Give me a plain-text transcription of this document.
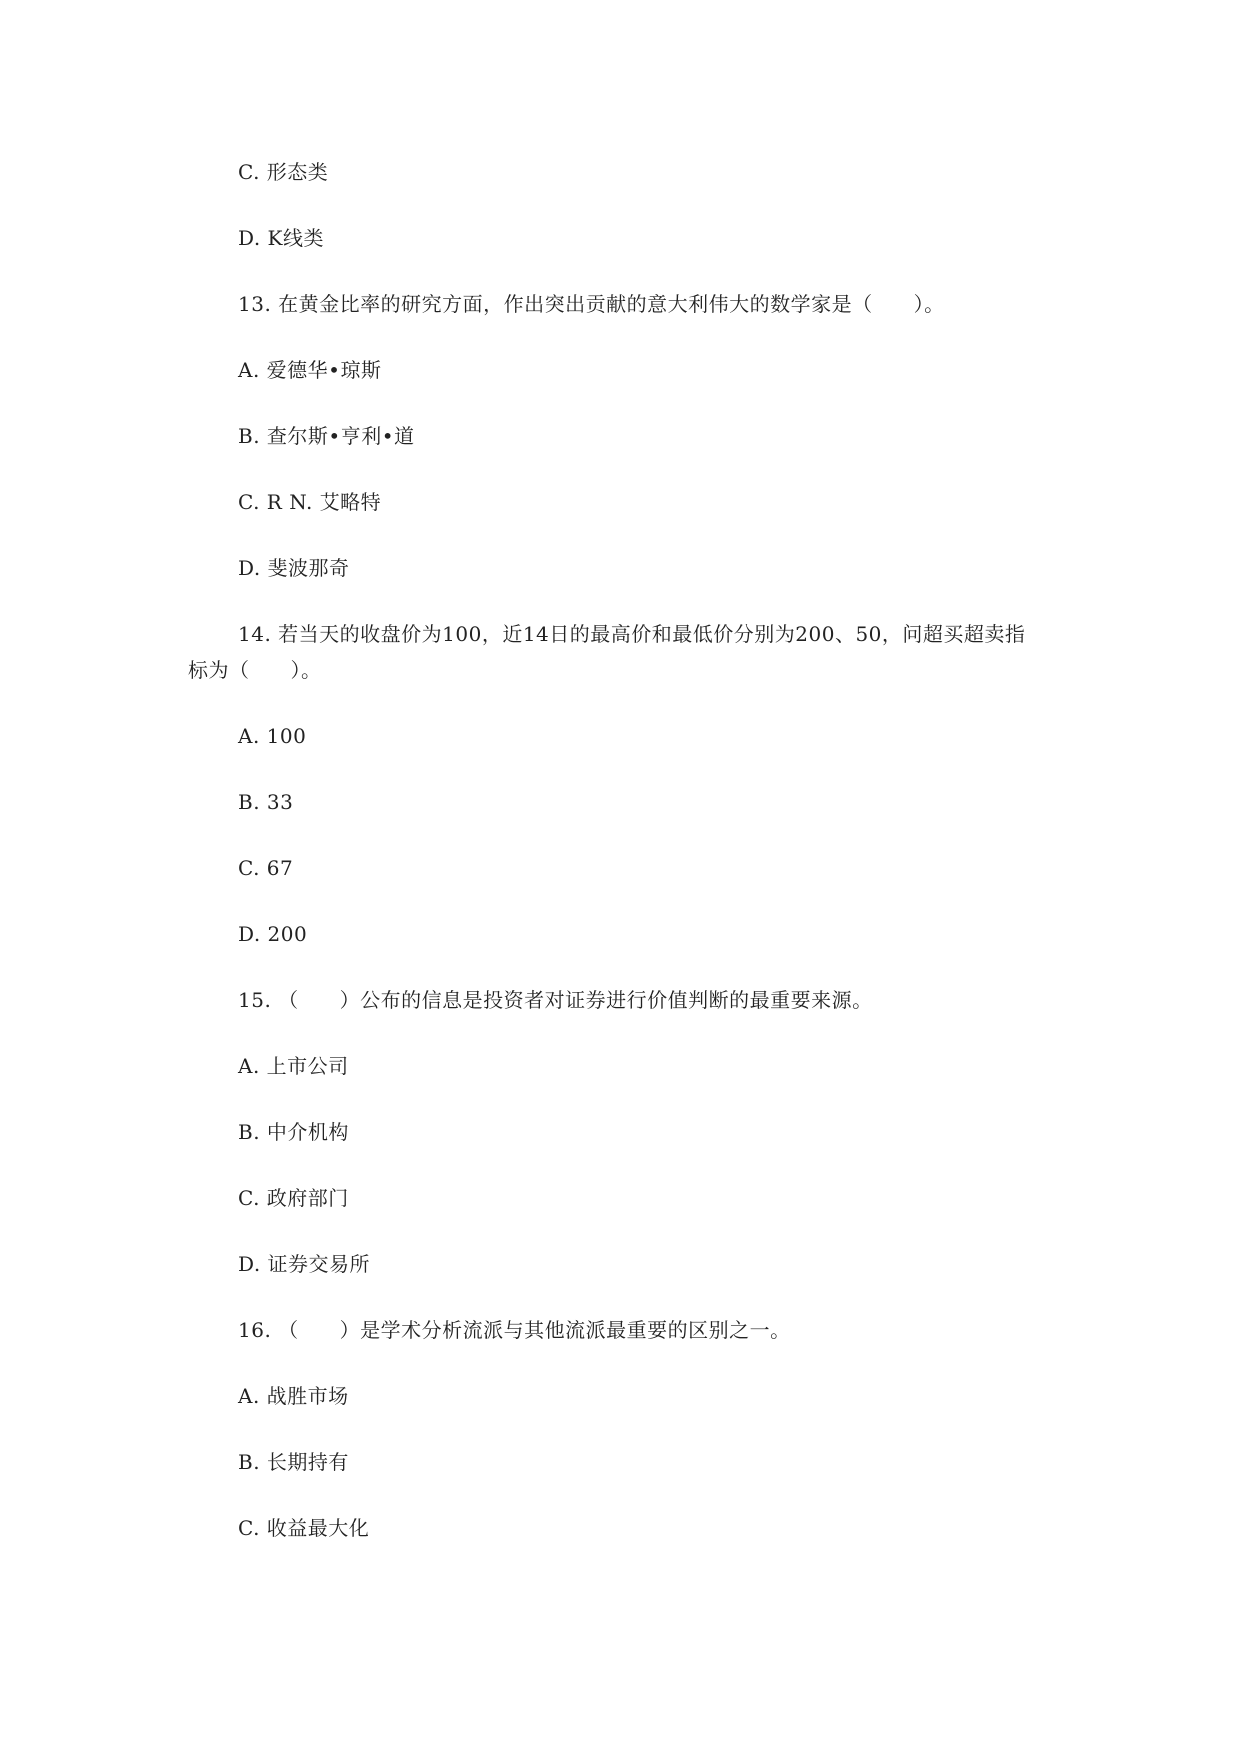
C. 形态类
D. K线类
13. 在黄金比率的研究方面，作出突出贡献的意大利伟大的数学家是（　　）。
A. 爱德华•琼斯
B. 查尔斯•亨利•道
C. R N. 艾略特
D. 斐波那奇
14. 若当天的收盘价为100，近14日的最高价和最低价分别为200、50，问超买超卖指
标为（　　）。
A. 100
B. 33
C. 67
D. 200
15. （　　）公布的信息是投资者对证券进行价值判断的最重要来源。
A. 上市公司
B. 中介机构
C. 政府部门
D. 证券交易所
16. （　　）是学术分析流派与其他流派最重要的区别之一。
A. 战胜市场
B. 长期持有
C. 收益最大化
